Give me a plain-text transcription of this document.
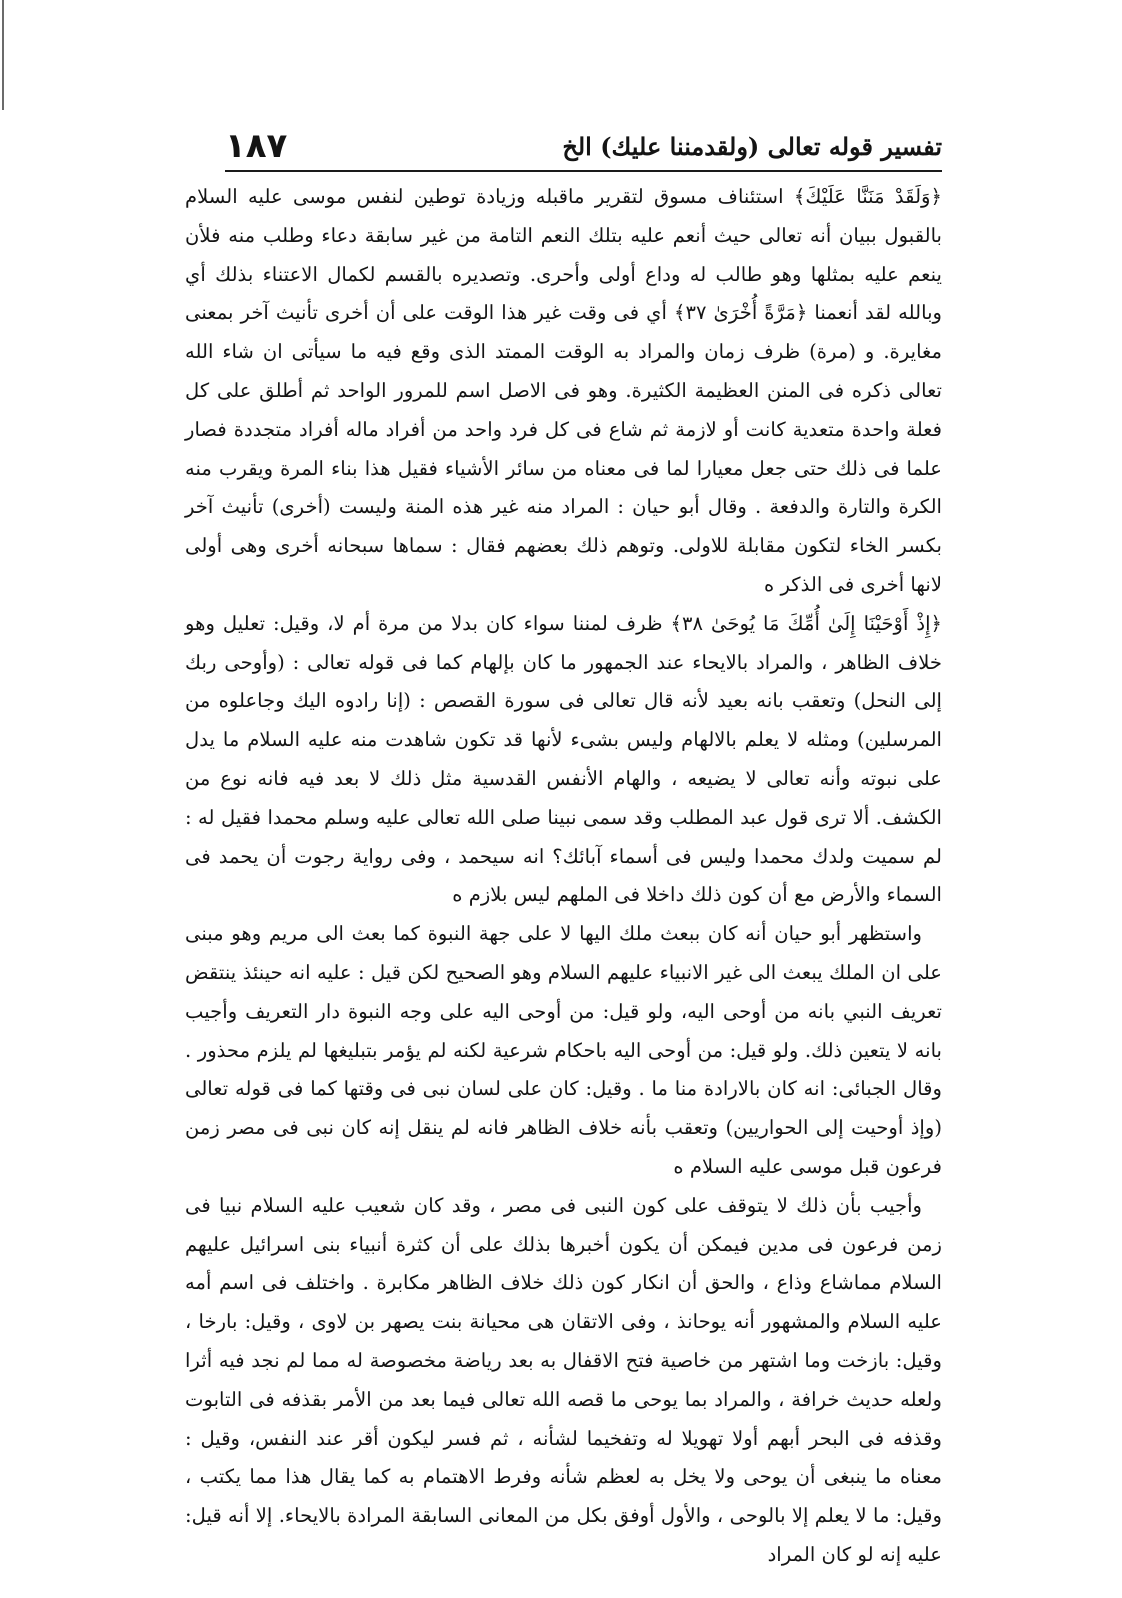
١٨٧	تفسير قوله تعالى (ولقدمننا عليك) الخ

﴿وَلَقَدْ مَنَنَّا عَلَيْكَ﴾ استئناف مسوق لتقرير ماقبله وزيادة توطين لنفس موسى عليه السلام بالقبول ببيان أنه تعالى حيث أنعم عليه بتلك النعم التامة من غير سابقة دعاء وطلب منه فلأن ينعم عليه بمثلها وهو طالب له وداع أولى وأحرى. وتصديره بالقسم لكمال الاعتناء بذلك أي وبالله لقد أنعمنا ﴿مَرَّةً أُخْرَىٰ ٣٧﴾ أي فى وقت غير هذا الوقت على أن أخرى تأنيث آخر بمعنى مغايرة. و (مرة) ظرف زمان والمراد به الوقت الممتد الذى وقع فيه ما سيأتى ان شاء الله تعالى ذكره فى المنن العظيمة الكثيرة. وهو فى الاصل اسم للمرور الواحد ثم أطلق على كل فعلة واحدة متعدية كانت أو لازمة ثم شاع فى كل فرد واحد من أفراد ماله أفراد متجددة فصار علما فى ذلك حتى جعل معيارا لما فى معناه من سائر الأشياء فقيل هذا بناء المرة ويقرب منه الكرة والتارة والدفعة . وقال أبو حيان : المراد منه غير هذه المنة وليست (أخرى) تأنيث آخر بكسر الخاء لتكون مقابلة للاولى. وتوهم ذلك بعضهم فقال : سماها سبحانه أخرى وهى أولى لانها أخرى فى الذكر ه

﴿إِذْ أَوْحَيْنَا إِلَىٰ أُمِّكَ مَا يُوحَىٰ ٣٨﴾ ظرف لمننا سواء كان بدلا من مرة أم لا، وقيل: تعليل وهو خلاف الظاهر ، والمراد بالايحاء عند الجمهور ما كان بإلهام كما فى قوله تعالى : (وأوحى ربك إلى النحل) وتعقب بانه بعيد لأنه قال تعالى فى سورة القصص : (إنا رادوه اليك وجاعلوه من المرسلين) ومثله لا يعلم بالالهام وليس بشىء لأنها قد تكون شاهدت منه عليه السلام ما يدل على نبوته وأنه تعالى لا يضيعه ، والهام الأنفس القدسية مثل ذلك لا بعد فيه فانه نوع من الكشف. ألا ترى قول عبد المطلب وقد سمى نبينا صلى الله تعالى عليه وسلم محمدا فقيل له : لم سميت ولدك محمدا وليس فى أسماء آبائك؟ انه سيحمد ، وفى رواية رجوت أن يحمد فى السماء والأرض مع أن كون ذلك داخلا فى الملهم ليس بلازم ه

واستظهر أبو حيان أنه كان ببعث ملك اليها لا على جهة النبوة كما بعث الى مريم وهو مبنى على ان الملك يبعث الى غير الانبياء عليهم السلام وهو الصحيح لكن قيل : عليه انه حينئذ ينتقض تعريف النبي بانه من أوحى اليه، ولو قيل: من أوحى اليه على وجه النبوة دار التعريف وأجيب بانه لا يتعين ذلك. ولو قيل: من أوحى اليه باحكام شرعية لكنه لم يؤمر بتبليغها لم يلزم محذور . وقال الجبائى: انه كان بالارادة منا ما . وقيل: كان على لسان نبى فى وقتها كما فى قوله تعالى (وإذ أوحيت إلى الحواريين) وتعقب بأنه خلاف الظاهر فانه لم ينقل إنه كان نبى فى مصر زمن فرعون قبل موسى عليه السلام ه

وأجيب بأن ذلك لا يتوقف على كون النبى فى مصر ، وقد كان شعيب عليه السلام نبيا فى زمن فرعون فى مدين فيمكن أن يكون أخبرها بذلك على أن كثرة أنبياء بنى اسرائيل عليهم السلام مماشاع وذاع ، والحق أن انكار كون ذلك خلاف الظاهر مكابرة . واختلف فى اسم أمه عليه السلام والمشهور أنه يوحانذ ، وفى الاتقان هى محيانة بنت يصهر بن لاوى ، وقيل: بارخا ، وقيل: بازخت وما اشتهر من خاصية فتح الاقفال به بعد رياضة مخصوصة له مما لم نجد فيه أثرا ولعله حديث خرافة ، والمراد بما يوحى ما قصه الله تعالى فيما بعد من الأمر بقذفه فى التابوت وقذفه فى البحر أبهم أولا تهويلا له وتفخيما لشأنه ، ثم فسر ليكون أقر عند النفس، وقيل : معناه ما ينبغى أن يوحى ولا يخل به لعظم شأنه وفرط الاهتمام به كما يقال هذا مما يكتب ، وقيل: ما لا يعلم إلا بالوحى ، والأول أوفق بكل من المعانى السابقة المرادة بالايحاء. إلا أنه قيل: عليه إنه لو كان المراد
